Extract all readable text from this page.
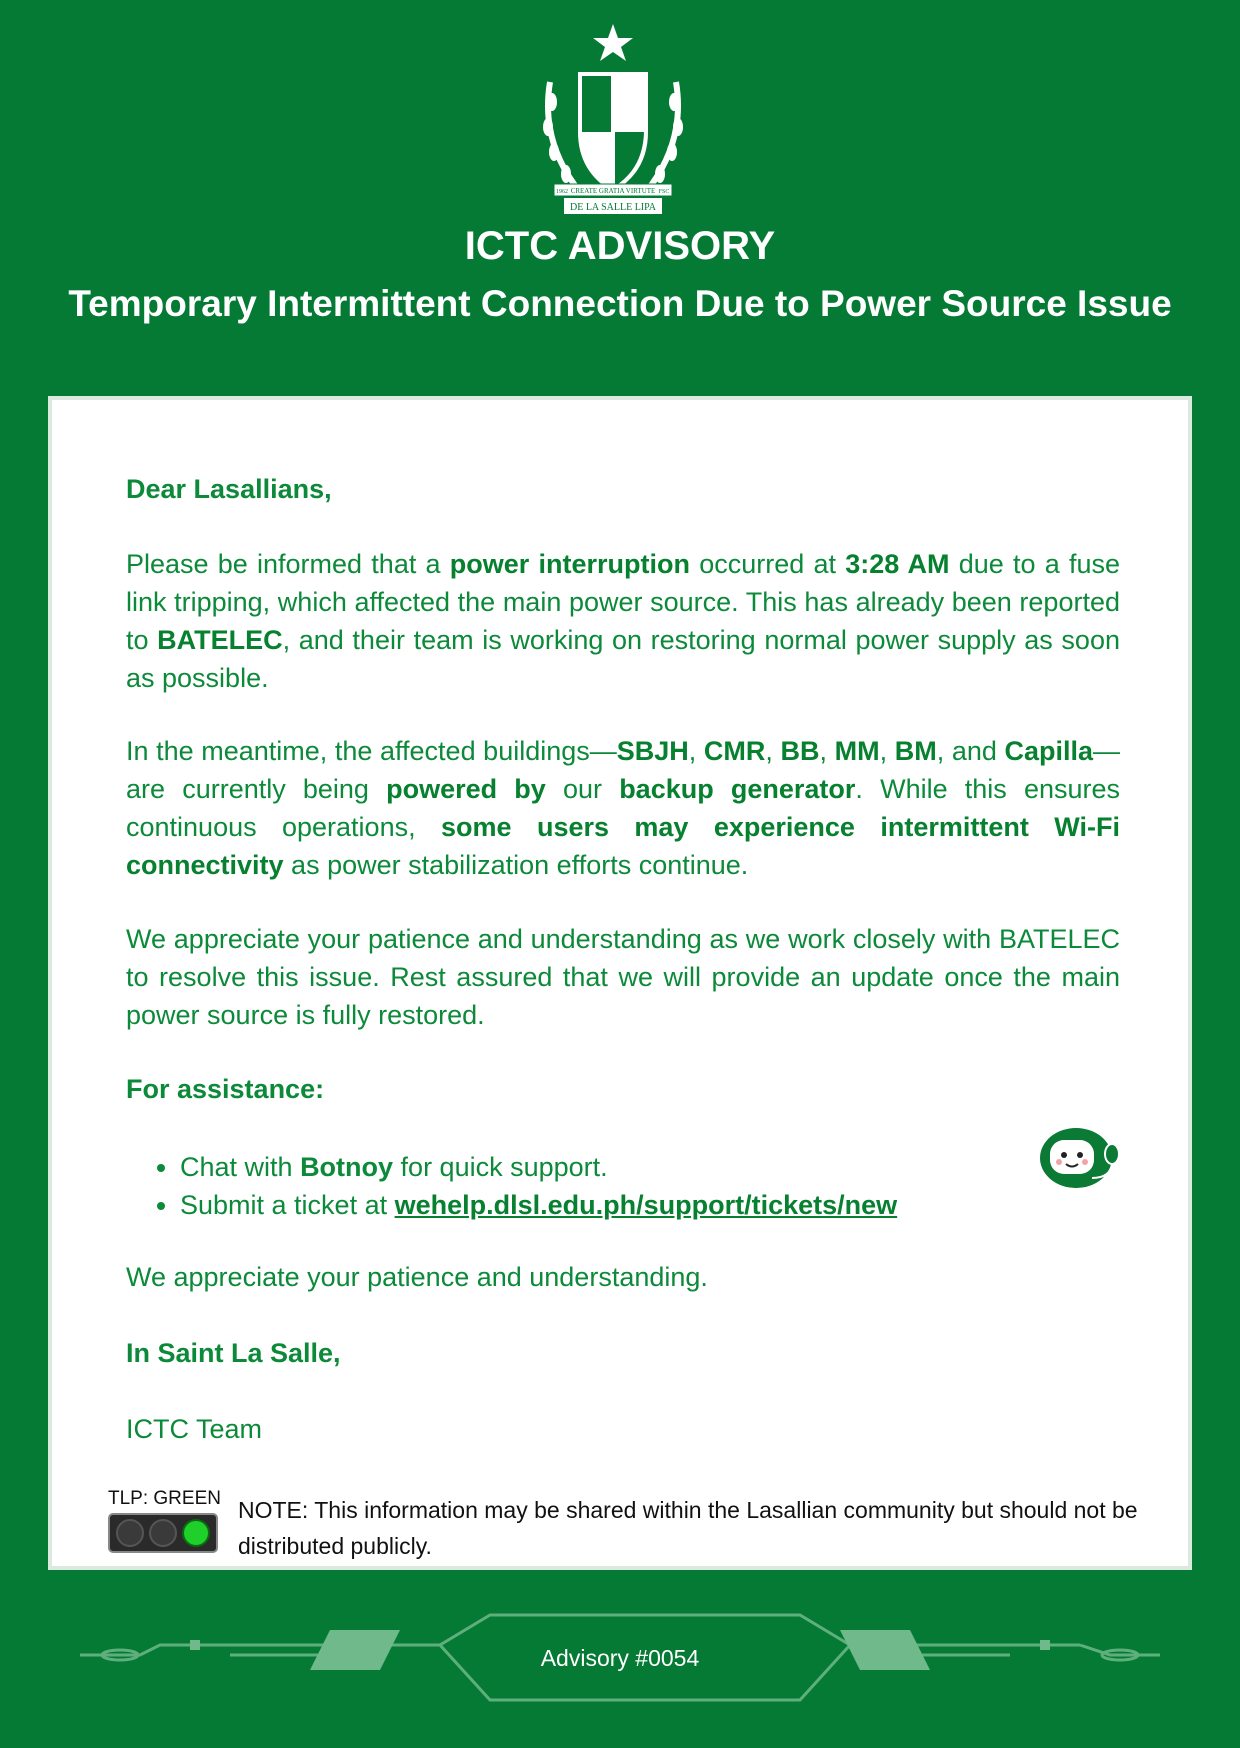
CREATE GRATIA VIRTUTE
1962	FSC
DE LA SALLE LIPA
ICTC ADVISORY
Temporary Intermittent Connection Due to Power Source Issue
Dear Lasallians,
Please be informed that a power interruption occurred at 3:28 AM due to a fuse link tripping, which affected the main power source. This has already been reported to BATELEC, and their team is working on restoring normal power supply as soon as possible.
In the meantime, the affected buildings—SBJH, CMR, BB, MM, BM, and Capilla—are currently being powered by our backup generator. While this ensures continuous operations, some users may experience intermittent Wi-Fi connectivity as power stabilization efforts continue.
We appreciate your patience and understanding as we work closely with BATELEC to resolve this issue. Rest assured that we will provide an update once the main power source is fully restored.
For assistance:
• Chat with Botnoy for quick support.
• Submit a ticket at wehelp.dlsl.edu.ph/support/tickets/new
We appreciate your patience and understanding.
In Saint La Salle,
ICTC Team
TLP: GREEN NOTE: This information may be shared within the Lasallian community but should not be distributed publicly.
Advisory #0054
